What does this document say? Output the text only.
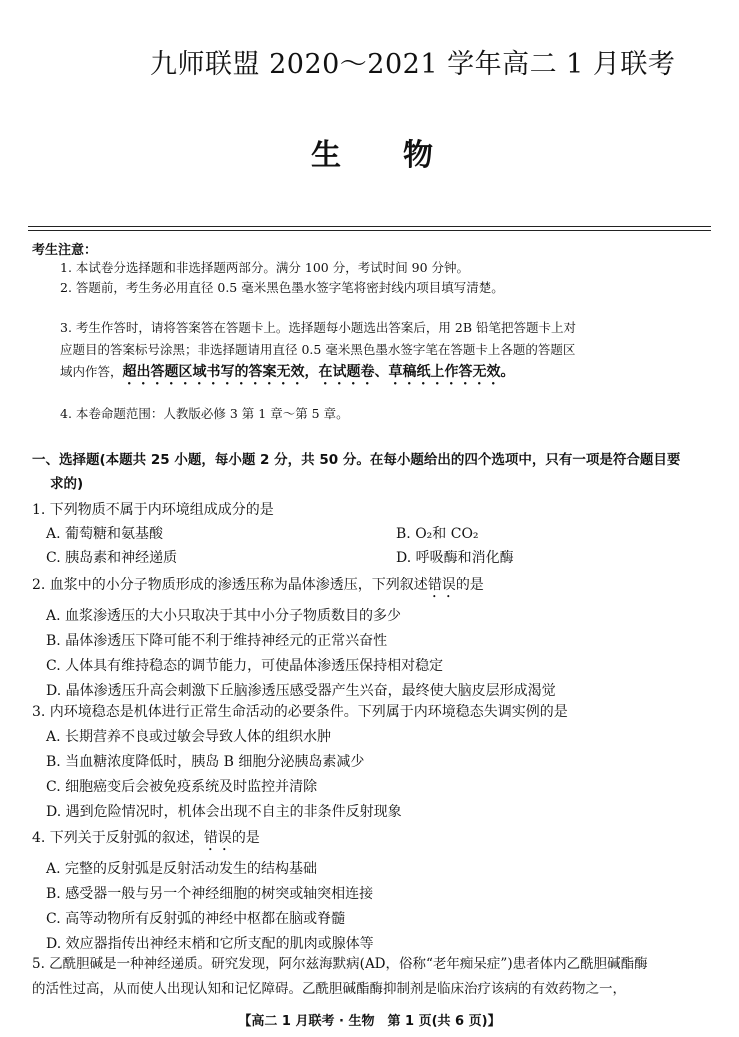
九师联盟 2020～2021 学年高二 1 月联考
生物
考生注意：
1. 本试卷分选择题和非选择题两部分。满分 100 分，考试时间 90 分钟。
2. 答题前，考生务必用直径 0.5 毫米黑色墨水签字笔将密封线内项目填写清楚。
3. 考生作答时，请将答案答在答题卡上。选择题每小题选出答案后，用 2B 铅笔把答题卡上对应题目的答案标号涂黑；非选择题请用直径 0.5 毫米黑色墨水签字笔在答题卡上各题的答题区域内作答，超出答题区域书写的答案无效，在试题卷、草稿纸上作答无效。
4. 本卷命题范围：人教版必修 3 第 1 章～第 5 章。
一、选择题(本题共 25 小题，每小题 2 分，共 50 分。在每小题给出的四个选项中，只有一项是符合题目要
求的)
1. 下列物质不属于内环境组成成分的是
A. 葡萄糖和氨基酸	B. O₂和 CO₂
C. 胰岛素和神经递质	D. 呼吸酶和消化酶
2. 血浆中的小分子物质形成的渗透压称为晶体渗透压，下列叙述错误的是
A. 血浆渗透压的大小只取决于其中小分子物质数目的多少
B. 晶体渗透压下降可能不利于维持神经元的正常兴奋性
C. 人体具有维持稳态的调节能力，可使晶体渗透压保持相对稳定
D. 晶体渗透压升高会刺激下丘脑渗透压感受器产生兴奋，最终使大脑皮层形成渴觉
3. 内环境稳态是机体进行正常生命活动的必要条件。下列属于内环境稳态失调实例的是
A. 长期营养不良或过敏会导致人体的组织水肿
B. 当血糖浓度降低时，胰岛 B 细胞分泌胰岛素减少
C. 细胞癌变后会被免疫系统及时监控并清除
D. 遇到危险情况时，机体会出现不自主的非条件反射现象
4. 下列关于反射弧的叙述，错误的是
A. 完整的反射弧是反射活动发生的结构基础
B. 感受器一般与另一个神经细胞的树突或轴突相连接
C. 高等动物所有反射弧的神经中枢都在脑或脊髓
D. 效应器指传出神经末梢和它所支配的肌肉或腺体等
5. 乙酰胆碱是一种神经递质。研究发现，阿尔兹海默病(AD，俗称“老年痴呆症”)患者体内乙酰胆碱酯酶
的活性过高，从而使人出现认知和记忆障碍。乙酰胆碱酯酶抑制剂是临床治疗该病的有效药物之一，
【高二 1 月联考 · 生物　第 1 页(共 6 页)】
